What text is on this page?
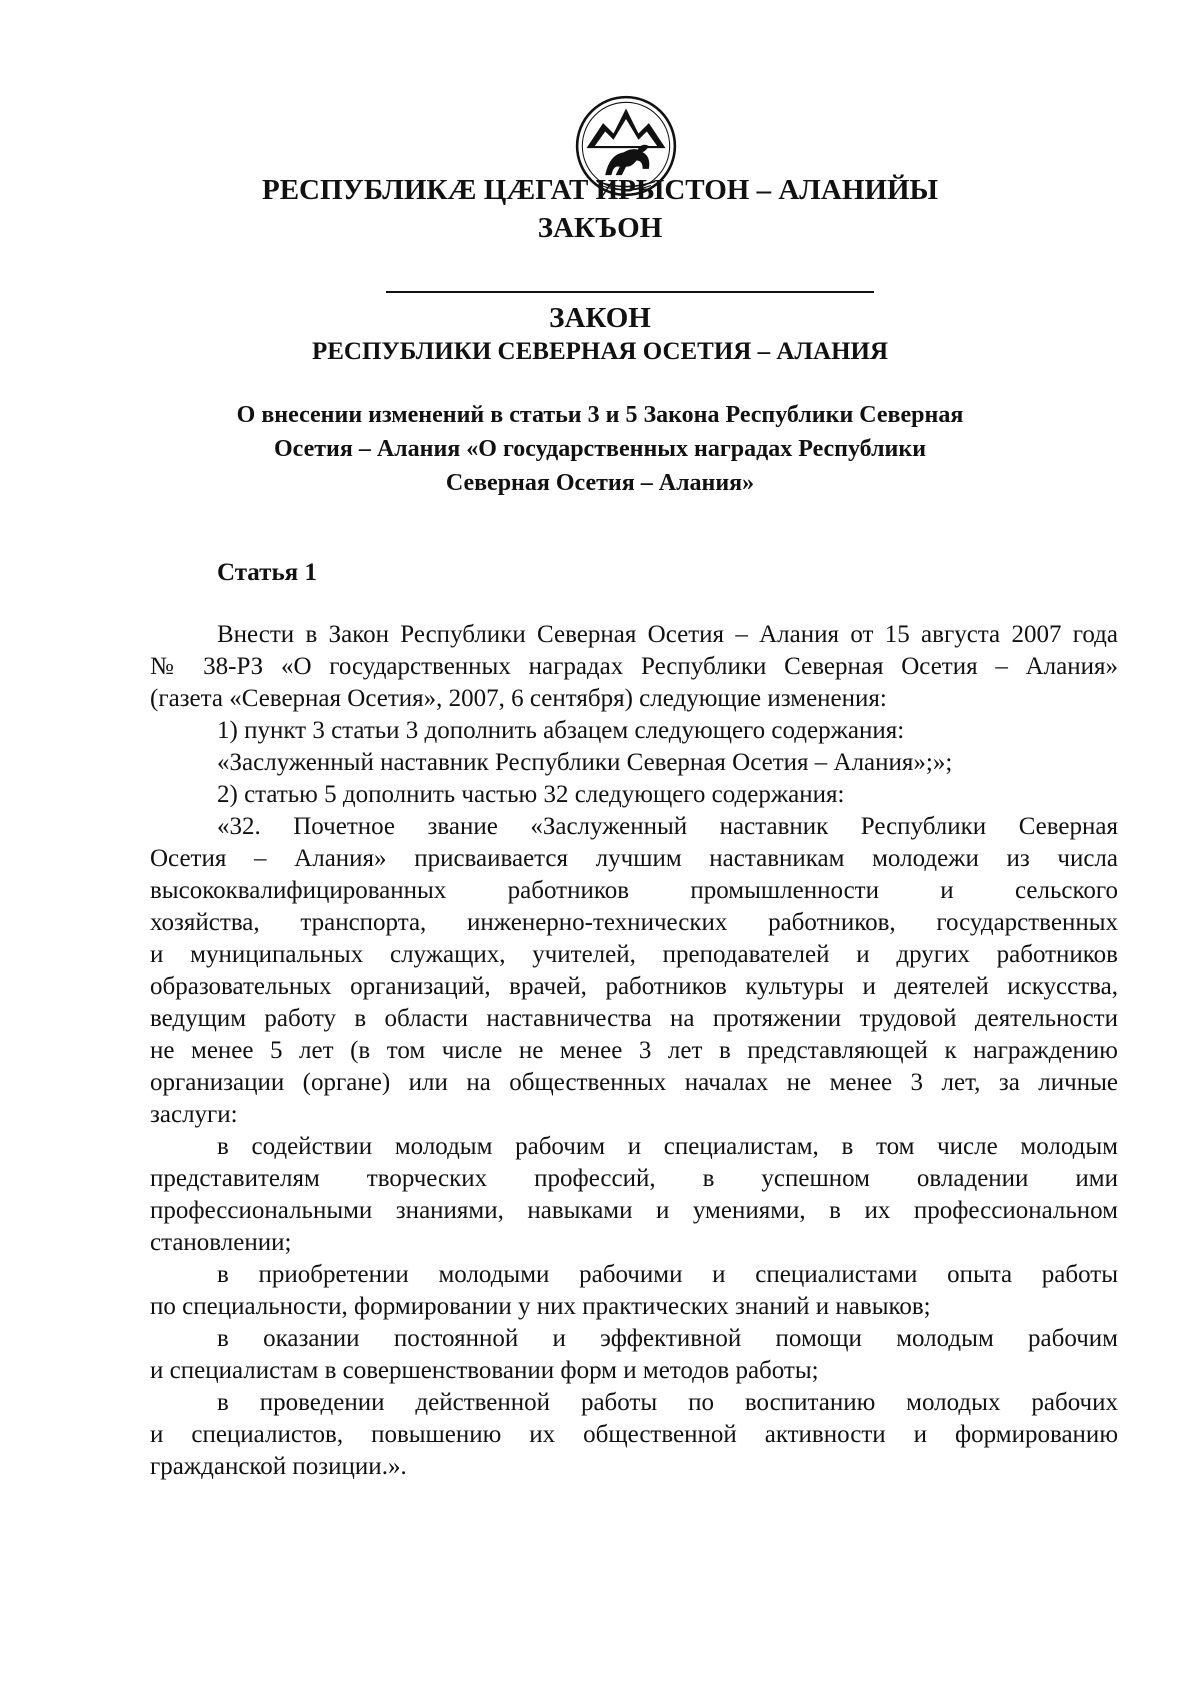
РЕСПУБЛИКӔ ЦӔГАТ ИРЫСТОН – АЛАНИЙЫ
ЗАКЪОН
ЗАКОН
РЕСПУБЛИКИ СЕВЕРНАЯ ОСЕТИЯ – АЛАНИЯ
О внесении изменений в статьи 3 и 5 Закона Республики Северная
Осетия – Алания «О государственных наградах Республики
Северная Осетия – Алания»
Статья 1
Внести в Закон Республики Северная Осетия – Алания от 15 августа 2007 года
№ 38-РЗ «О государственных наградах Республики Северная Осетия – Алания»
(газета «Северная Осетия», 2007, 6 сентября) следующие изменения:
1) пункт 3 статьи 3 дополнить абзацем следующего содержания:
«Заслуженный наставник Республики Северная Осетия – Алания»;»;
2) статью 5 дополнить частью 32 следующего содержания:
«32. Почетное звание «Заслуженный наставник Республики Северная
Осетия – Алания» присваивается лучшим наставникам молодежи из числа
высококвалифицированных работников промышленности и сельского
хозяйства, транспорта, инженерно-технических работников, государственных
и муниципальных служащих, учителей, преподавателей и других работников
образовательных организаций, врачей, работников культуры и деятелей искусства,
ведущим работу в области наставничества на протяжении трудовой деятельности
не менее 5 лет (в том числе не менее 3 лет в представляющей к награждению
организации (органе) или на общественных началах не менее 3 лет, за личные
заслуги:
в содействии молодым рабочим и специалистам, в том числе молодым
представителям творческих профессий, в успешном овладении ими
профессиональными знаниями, навыками и умениями, в их профессиональном
становлении;
в приобретении молодыми рабочими и специалистами опыта работы
по специальности, формировании у них практических знаний и навыков;
в оказании постоянной и эффективной помощи молодым рабочим
и специалистам в совершенствовании форм и методов работы;
в проведении действенной работы по воспитанию молодых рабочих
и специалистов, повышению их общественной активности и формированию
гражданской позиции.».
